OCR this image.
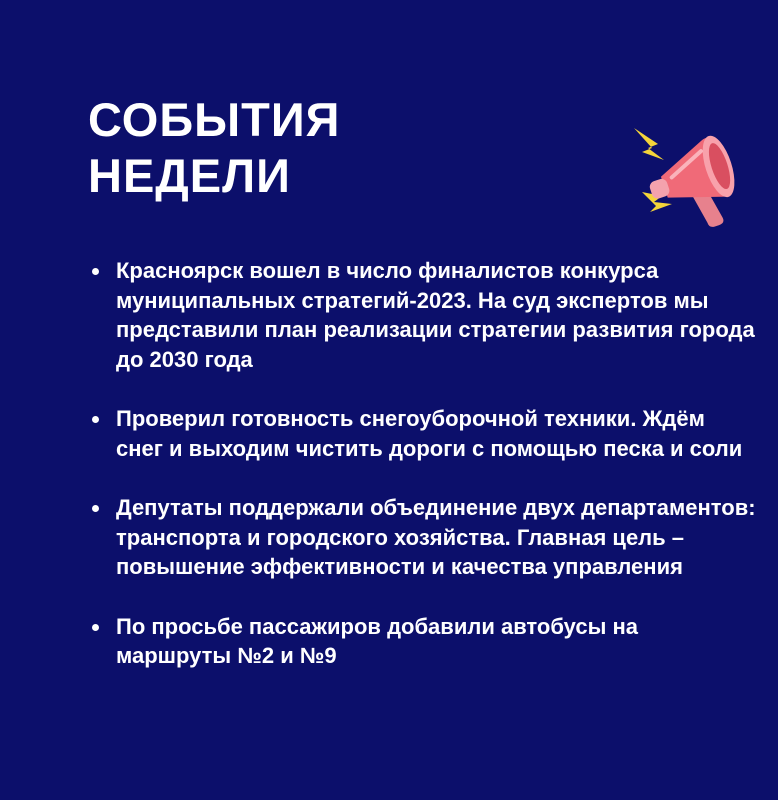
СОБЫТИЯ
НЕДЕЛИ
Красноярск вошел в число финалистов конкурса муниципальных стратегий-2023. На суд экспертов мы представили план реализации стратегии развития города до 2030 года
Проверил готовность снегоуборочной техники. Ждём снег и выходим чистить дороги с помощью песка и соли
Депутаты поддержали объединение двух департаментов: транспорта и городского хозяйства. Главная цель – повышение эффективности и качества управления
По просьбе пассажиров добавили автобусы на маршруты №2 и №9
